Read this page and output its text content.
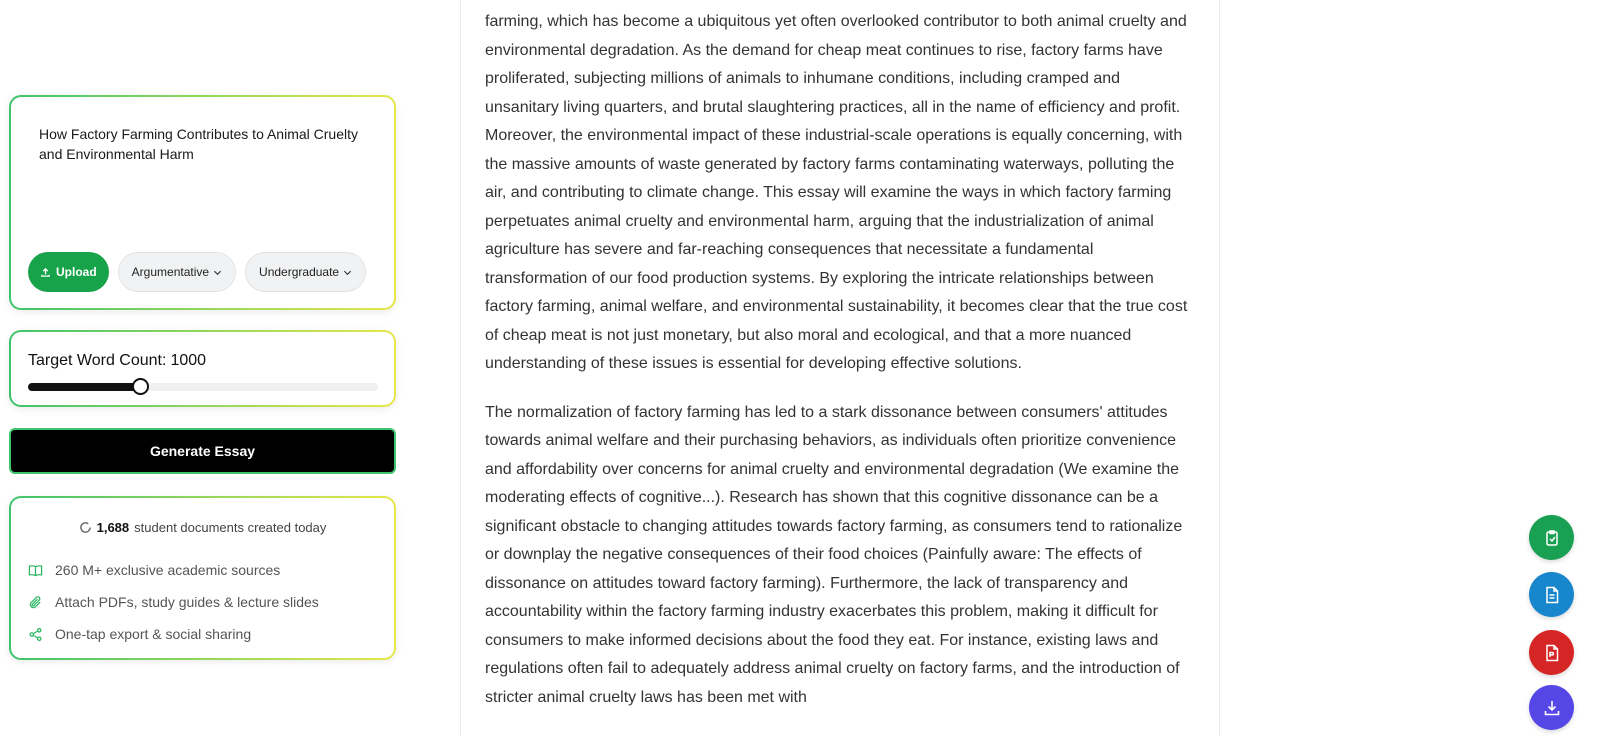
How Factory Farming Contributes to Animal Cruelty and Environmental Harm
Upload	Argumentative	Undergraduate
Target Word Count: 1000
Generate Essay
1,688 student documents created today
260 M+ exclusive academic sources
Attach PDFs, study guides & lecture slides
One-tap export & social sharing

farming, which has become a ubiquitous yet often overlooked contributor to both animal cruelty and environmental degradation. As the demand for cheap meat continues to rise, factory farms have proliferated, subjecting millions of animals to inhumane conditions, including cramped and unsanitary living quarters, and brutal slaughtering practices, all in the name of efficiency and profit. Moreover, the environmental impact of these industrial-scale operations is equally concerning, with the massive amounts of waste generated by factory farms contaminating waterways, polluting the air, and contributing to climate change. This essay will examine the ways in which factory farming perpetuates animal cruelty and environmental harm, arguing that the industrialization of animal agriculture has severe and far-reaching consequences that necessitate a fundamental transformation of our food production systems. By exploring the intricate relationships between factory farming, animal welfare, and environmental sustainability, it becomes clear that the true cost of cheap meat is not just monetary, but also moral and ecological, and that a more nuanced understanding of these issues is essential for developing effective solutions.

The normalization of factory farming has led to a stark dissonance between consumers' attitudes towards animal welfare and their purchasing behaviors, as individuals often prioritize convenience and affordability over concerns for animal cruelty and environmental degradation (We examine the moderating effects of cognitive...). Research has shown that this cognitive dissonance can be a significant obstacle to changing attitudes towards factory farming, as consumers tend to rationalize or downplay the negative consequences of their food choices (Painfully aware: The effects of dissonance on attitudes toward factory farming). Furthermore, the lack of transparency and accountability within the factory farming industry exacerbates this problem, making it difficult for consumers to make informed decisions about the food they eat. For instance, existing laws and regulations often fail to adequately address animal cruelty on factory farms, and the introduction of stricter animal cruelty laws has been met with
